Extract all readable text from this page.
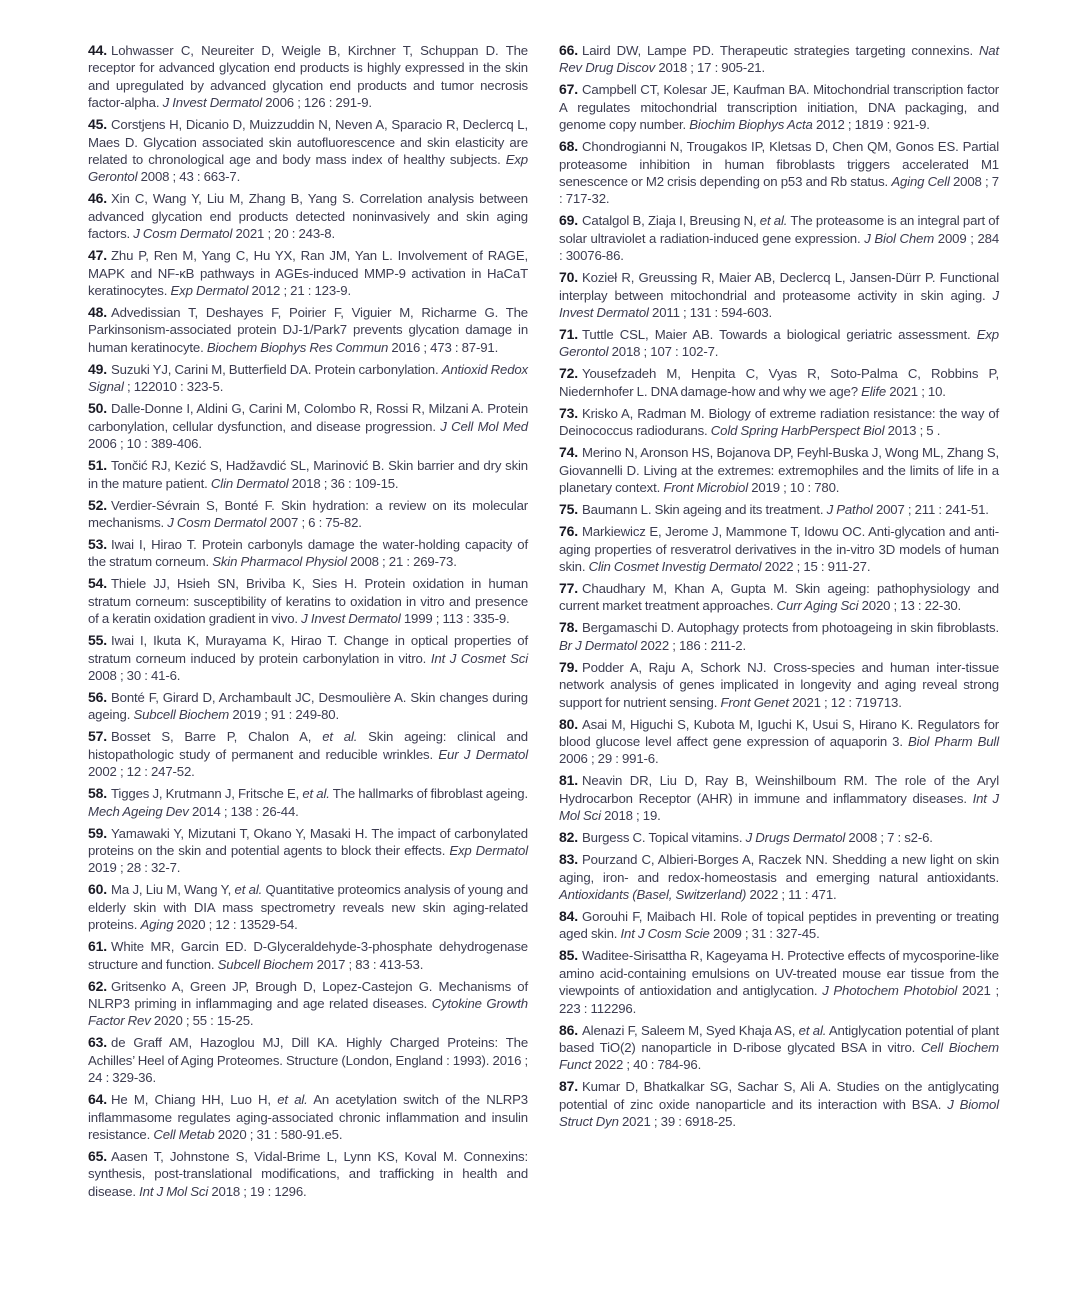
44. Lohwasser C, Neureiter D, Weigle B, Kirchner T, Schuppan D. The receptor for advanced glycation end products is highly expressed in the skin and upregulated by advanced glycation end products and tumor necrosis factor-alpha. J Invest Dermatol 2006 ; 126 : 291-9.

45. Corstjens H, Dicanio D, Muizzuddin N, Neven A, Sparacio R, Declercq L, Maes D. Glycation associated skin autofluorescence and skin elasticity are related to chronological age and body mass index of healthy subjects. Exp Gerontol 2008 ; 43 : 663-7.

46. Xin C, Wang Y, Liu M, Zhang B, Yang S. Correlation analysis between advanced glycation end products detected noninvasively and skin aging factors. J Cosm Dermatol 2021 ; 20 : 243-8.

47. Zhu P, Ren M, Yang C, Hu YX, Ran JM, Yan L. Involvement of RAGE, MAPK and NF-κB pathways in AGEs-induced MMP-9 activation in HaCaT keratinocytes. Exp Dermatol 2012 ; 21 : 123-9.

48. Advedissian T, Deshayes F, Poirier F, Viguier M, Richarme G. The Parkinsonism-associated protein DJ-1/Park7 prevents glycation damage in human keratinocyte. Biochem Biophys Res Commun 2016 ; 473 : 87-91.

49. Suzuki YJ, Carini M, Butterfield DA. Protein carbonylation. Antioxid Redox Signal ; 122010 : 323-5.

50. Dalle-Donne I, Aldini G, Carini M, Colombo R, Rossi R, Milzani A. Protein carbonylation, cellular dysfunction, and disease progression. J Cell Mol Med 2006 ; 10 : 389-406.

51. Tončić RJ, Kezić S, Hadžavdić SL, Marinović B. Skin barrier and dry skin in the mature patient. Clin Dermatol 2018 ; 36 : 109-15.

52. Verdier-Sévrain S, Bonté F. Skin hydration: a review on its molecular mechanisms. J Cosm Dermatol 2007 ; 6 : 75-82.

53. Iwai I, Hirao T. Protein carbonyls damage the water-holding capacity of the stratum corneum. Skin Pharmacol Physiol 2008 ; 21 : 269-73.

54. Thiele JJ, Hsieh SN, Briviba K, Sies H. Protein oxidation in human stratum corneum: susceptibility of keratins to oxidation in vitro and presence of a keratin oxidation gradient in vivo. J Invest Dermatol 1999 ; 113 : 335-9.

55. Iwai I, Ikuta K, Murayama K, Hirao T. Change in optical properties of stratum corneum induced by protein carbonylation in vitro. Int J Cosmet Sci 2008 ; 30 : 41-6.

56. Bonté F, Girard D, Archambault JC, Desmoulière A. Skin changes during ageing. Subcell Biochem 2019 ; 91 : 249-80.

57. Bosset S, Barre P, Chalon A, et al. Skin ageing: clinical and histopathologic study of permanent and reducible wrinkles. Eur J Dermatol 2002 ; 12 : 247-52.

58. Tigges J, Krutmann J, Fritsche E, et al. The hallmarks of fibroblast ageing. Mech Ageing Dev 2014 ; 138 : 26-44.

59. Yamawaki Y, Mizutani T, Okano Y, Masaki H. The impact of carbonylated proteins on the skin and potential agents to block their effects. Exp Dermatol 2019 ; 28 : 32-7.

60. Ma J, Liu M, Wang Y, et al. Quantitative proteomics analysis of young and elderly skin with DIA mass spectrometry reveals new skin aging-related proteins. Aging 2020 ; 12 : 13529-54.

61. White MR, Garcin ED. D-Glyceraldehyde-3-phosphate dehydrogenase structure and function. Subcell Biochem 2017 ; 83 : 413-53.

62. Gritsenko A, Green JP, Brough D, Lopez-Castejon G. Mechanisms of NLRP3 priming in inflammaging and age related diseases. Cytokine Growth Factor Rev 2020 ; 55 : 15-25.

63. de Graff AM, Hazoglou MJ, Dill KA. Highly Charged Proteins: The Achilles’ Heel of Aging Proteomes. Structure (London, England : 1993). 2016 ; 24 : 329-36.

64. He M, Chiang HH, Luo H, et al. An acetylation switch of the NLRP3 inflammasome regulates aging-associated chronic inflammation and insulin resistance. Cell Metab 2020 ; 31 : 580-91.e5.

65. Aasen T, Johnstone S, Vidal-Brime L, Lynn KS, Koval M. Connexins: synthesis, post-translational modifications, and trafficking in health and disease. Int J Mol Sci 2018 ; 19 : 1296.

66. Laird DW, Lampe PD. Therapeutic strategies targeting connexins. Nat Rev Drug Discov 2018 ; 17 : 905-21.

67. Campbell CT, Kolesar JE, Kaufman BA. Mitochondrial transcription factor A regulates mitochondrial transcription initiation, DNA packaging, and genome copy number. Biochim Biophys Acta 2012 ; 1819 : 921-9.

68. Chondrogianni N, Trougakos IP, Kletsas D, Chen QM, Gonos ES. Partial proteasome inhibition in human fibroblasts triggers accelerated M1 senescence or M2 crisis depending on p53 and Rb status. Aging Cell 2008 ; 7 : 717-32.

69. Catalgol B, Ziaja I, Breusing N, et al. The proteasome is an integral part of solar ultraviolet a radiation-induced gene expression. J Biol Chem 2009 ; 284 : 30076-86.

70. Kozieł R, Greussing R, Maier AB, Declercq L, Jansen-Dürr P. Functional interplay between mitochondrial and proteasome activity in skin aging. J Invest Dermatol 2011 ; 131 : 594-603.

71. Tuttle CSL, Maier AB. Towards a biological geriatric assessment. Exp Gerontol 2018 ; 107 : 102-7.

72. Yousefzadeh M, Henpita C, Vyas R, Soto-Palma C, Robbins P, Niedernhofer L. DNA damage-how and why we age? Elife 2021 ; 10.

73. Krisko A, Radman M. Biology of extreme radiation resistance: the way of Deinococcus radiodurans. Cold Spring HarbPerspect Biol 2013 ; 5 .

74. Merino N, Aronson HS, Bojanova DP, Feyhl-Buska J, Wong ML, Zhang S, Giovannelli D. Living at the extremes: extremophiles and the limits of life in a planetary context. Front Microbiol 2019 ; 10 : 780.

75. Baumann L. Skin ageing and its treatment. J Pathol 2007 ; 211 : 241-51.

76. Markiewicz E, Jerome J, Mammone T, Idowu OC. Anti-glycation and anti-aging properties of resveratrol derivatives in the in-vitro 3D models of human skin. Clin Cosmet Investig Dermatol 2022 ; 15 : 911-27.

77. Chaudhary M, Khan A, Gupta M. Skin ageing: pathophysiology and current market treatment approaches. Curr Aging Sci 2020 ; 13 : 22-30.

78. Bergamaschi D. Autophagy protects from photoageing in skin fibroblasts. Br J Dermatol 2022 ; 186 : 211-2.

79. Podder A, Raju A, Schork NJ. Cross-species and human inter-tissue network analysis of genes implicated in longevity and aging reveal strong support for nutrient sensing. Front Genet 2021 ; 12 : 719713.

80. Asai M, Higuchi S, Kubota M, Iguchi K, Usui S, Hirano K. Regulators for blood glucose level affect gene expression of aquaporin 3. Biol Pharm Bull 2006 ; 29 : 991-6.

81. Neavin DR, Liu D, Ray B, Weinshilboum RM. The role of the Aryl Hydrocarbon Receptor (AHR) in immune and inflammatory diseases. Int J Mol Sci 2018 ; 19.

82. Burgess C. Topical vitamins. J Drugs Dermatol 2008 ; 7 : s2-6.

83. Pourzand C, Albieri-Borges A, Raczek NN. Shedding a new light on skin aging, iron- and redox-homeostasis and emerging natural antioxidants. Antioxidants (Basel, Switzerland) 2022 ; 11 : 471.

84. Gorouhi F, Maibach HI. Role of topical peptides in preventing or treating aged skin. Int J Cosm Scie 2009 ; 31 : 327-45.

85. Waditee-Sirisattha R, Kageyama H. Protective effects of mycosporine-like amino acid-containing emulsions on UV-treated mouse ear tissue from the viewpoints of antioxidation and antiglycation. J Photochem Photobiol 2021 ; 223 : 112296.

86. Alenazi F, Saleem M, Syed Khaja AS, et al. Antiglycation potential of plant based TiO(2) nanoparticle in D-ribose glycated BSA in vitro. Cell Biochem Funct 2022 ; 40 : 784-96.

87. Kumar D, Bhatkalkar SG, Sachar S, Ali A. Studies on the antiglycating potential of zinc oxide nanoparticle and its interaction with BSA. J Biomol Struct Dyn 2021 ; 39 : 6918-25.
